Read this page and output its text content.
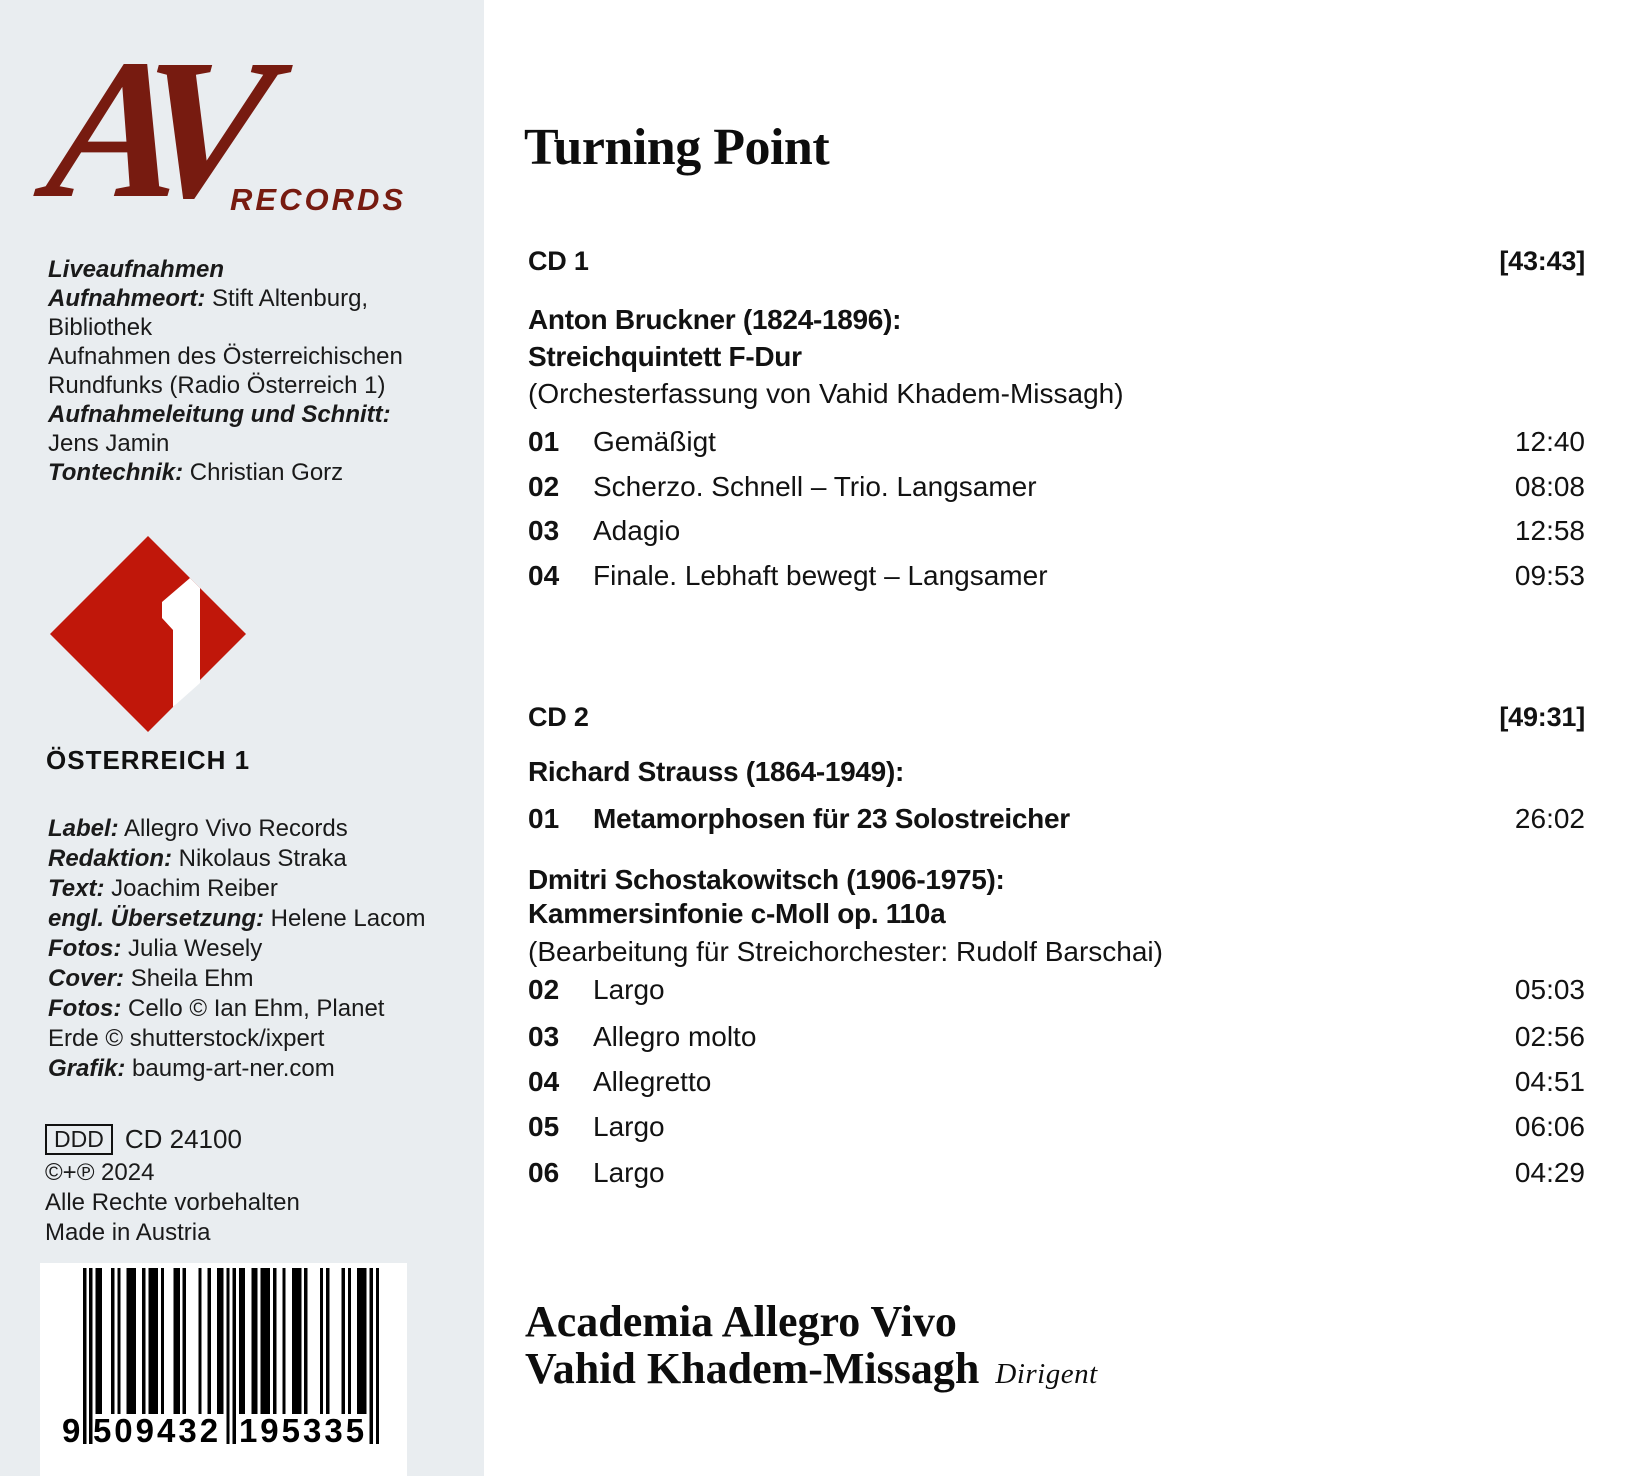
AV
RECORDS
Liveaufnahmen
Aufnahmeort: Stift Altenburg,
Bibliothek
Aufnahmen des Österreichischen
Rundfunks (Radio Österreich 1)
Aufnahmeleitung und Schnitt:
Jens Jamin
Tontechnik: Christian Gorz
ÖSTERREICH 1
Label: Allegro Vivo Records
Redaktion: Nikolaus Straka
Text: Joachim Reiber
engl. Übersetzung: Helene Lacom
Fotos: Julia Wesely
Cover: Sheila Ehm
Fotos: Cello © Ian Ehm, Planet
Erde © shutterstock/ixpert
Grafik: baumg-art-ner.com
DDD CD 24100
©+℗ 2024
Alle Rechte vorbehalten
Made in Austria
9 509432 195335
Turning Point
CD 1	[43:43]
Anton Bruckner (1824-1896):
Streichquintett F-Dur
(Orchesterfassung von Vahid Khadem-Missagh)
01	Gemäßigt	12:40
02	Scherzo. Schnell – Trio. Langsamer	08:08
03	Adagio	12:58
04	Finale. Lebhaft bewegt – Langsamer	09:53
CD 2	[49:31]
Richard Strauss (1864-1949):
01	Metamorphosen für 23 Solostreicher	26:02
Dmitri Schostakowitsch (1906-1975):
Kammersinfonie c-Moll op. 110a
(Bearbeitung für Streichorchester: Rudolf Barschai)
02	Largo	05:03
03	Allegro molto	02:56
04	Allegretto	04:51
05	Largo	06:06
06	Largo	04:29
Academia Allegro Vivo
Vahid Khadem-Missagh Dirigent
